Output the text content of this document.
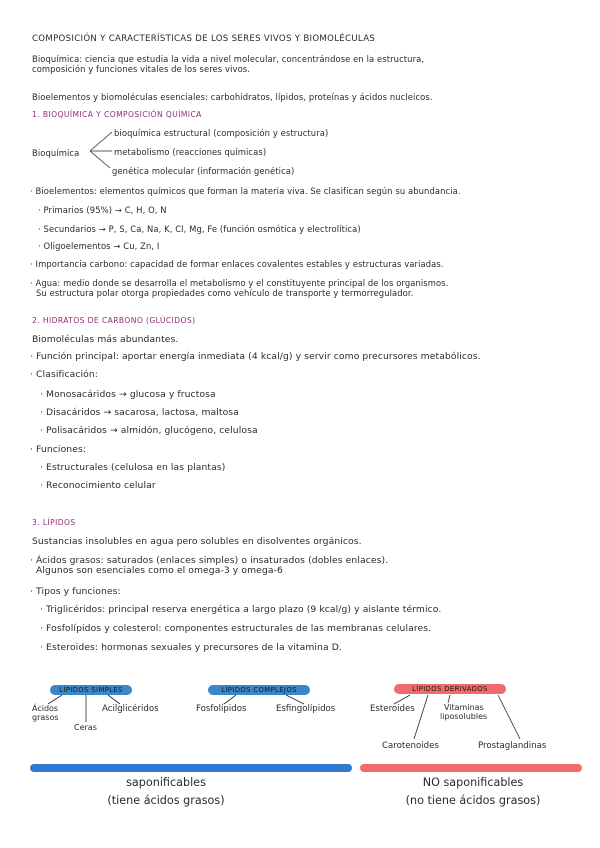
COMPOSICIÓN Y CARACTERÍSTICAS DE LOS SERES VIVOS Y BIOMOLÉCULAS
Bioquímica: ciencia que estudia la vida a nivel molecular, concentrándose en la estructura,
composición y funciones vitales de los seres vivos.
Bioelementos y biomoléculas esenciales: carbohidratos, lípidos, proteínas y ácidos nucleicos.
1. BIOQUÍMICA Y COMPOSICIÓN QUÍMICA
Bioquímica
bioquímica estructural (composición y estructura)
metabolismo (reacciones químicas)
genética molecular (información genética)
· Bioelementos: elementos químicos que forman la materia viva. Se clasifican según su abundancia.
· Primarios (95%) → C, H, O, N
· Secundarios → P, S, Ca, Na, K, Cl, Mg, Fe (función osmótica y electrolítica)
· Oligoelementos → Cu, Zn, I
· Importancia carbono: capacidad de formar enlaces covalentes estables y estructuras variadas.
· Agua: medio donde se desarrolla el metabolismo y el constituyente principal de los organismos.
Su estructura polar otorga propiedades como vehículo de transporte y termorregulador.
2. HIDRATOS DE CARBONO (GLÚCIDOS)
Biomoléculas más abundantes.
· Función principal: aportar energía inmediata (4 kcal/g) y servir como precursores metabólicos.
· Clasificación:
· Monosacáridos → glucosa y fructosa
· Disacáridos → sacarosa, lactosa, maltosa
· Polisacáridos → almidón, glucógeno, celulosa
· Funciones:
· Estructurales (celulosa en las plantas)
· Reconocimiento celular
3. LÍPIDOS
Sustancias insolubles en agua pero solubles en disolventes orgánicos.
· Ácidos grasos: saturados (enlaces simples) o insaturados (dobles enlaces).
Algunos son esenciales como el omega-3 y omega-6
· Tipos y funciones:
· Triglicéridos: principal reserva energética a largo plazo (9 kcal/g) y aislante térmico.
· Fosfolípidos y colesterol: componentes estructurales de las membranas celulares.
· Esteroides: hormonas sexuales y precursores de la vitamina D.
LÍPIDOS SIMPLES	LÍPIDOS COMPLEJOS	LÍPIDOS DERIVADOS
Ácidos
grasos
Ceras
Acilglicéridos	Fosfolípidos	Esfingolípidos	Esteroides	Vitaminas
liposolubles
Carotenoides	Prostaglandinas
saponificables
(tiene ácidos grasos)
NO saponificables
(no tiene ácidos grasos)
